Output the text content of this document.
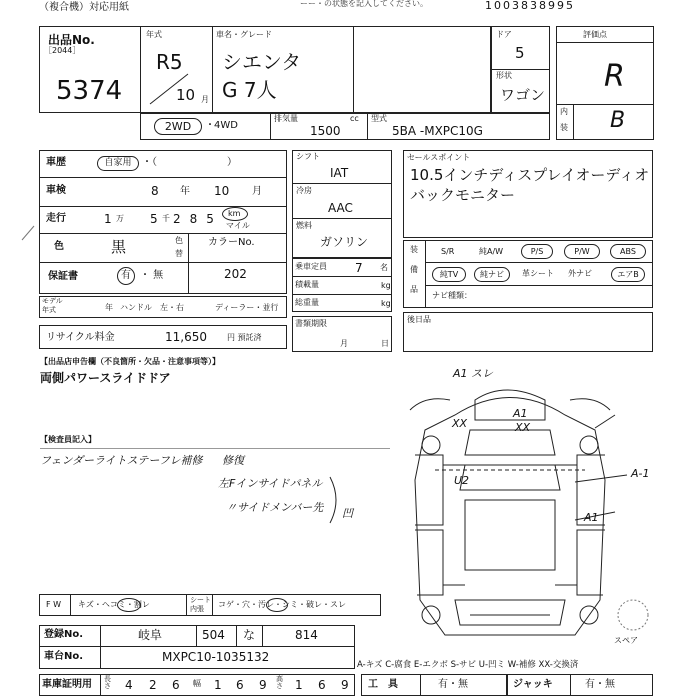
（複合機）対応用紙	ーー・の状態を記入してください。	1003838995
出品No.
［2044］
5374
年式
R5
10 月
車名・グレード
シエンタ
G 7人
ドア
5
形状
ワゴン
評価点
R
内
装 B
2WD	・ 4WD
排気量	cc
1500
型式
5BA -MXPC10G
車歴	自家用	・（　　　　　　　）
車検	8 年 10 月
走行	1 万 5 千 285 km
マイル
色	黒	色
替
カラーNo.
保証書	有 ・ 無	202
モデル
年式	年 ハンドル 左・右	ディーラー・並行
リサイクル料金	11,650	円 預託済
シフト
IAT
冷房
AAC
燃料
ガソリン
乗車定員 7 名
積載量	kg
総重量	kg
書類期限
月	日
セールスポイント
10.5インチディスプレイオーディオ
バックモニター
装
備
品
S/R	純A/W	P/S	P/W	ABS
純TV	純ナビ	革シート 外ナビ	エアB
ナビ種類：
後日品
【出品店申告欄（不良箇所・欠品・注意事項等）】
両側パワースライドドア
【検査員記入】
フェンダーライトステーフレ補修 修復
左Fインサイドパネル
〃サイドメンバー先 凹
A1 スレ
A1
XX
XX
U2
A-1
A1
スペア
F W キズ・ヘコミ・割レ	シート
内張 コゲ・穴・汚レ・シミ・破レ・スレ
登録No.	岐阜	504 な	814
車台No.	MXPC10-1035132
A-キズ C-腐食 E-エクボ S-サビ U-凹ミ W-補修 XX-交換済
車庫証明用 長さ 4 2 6 幅 1 6 9 高さ 1 6 9 工　具	有・無	ジャッキ	有・無
